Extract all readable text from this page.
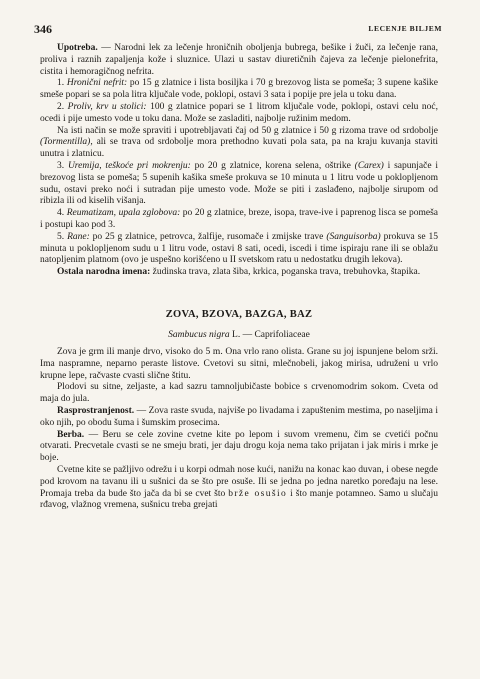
346	LECENJE BILJEM

Upotreba. — Narodni lek za lečenje hroničnih oboljenja bubrega, bešike i žuči, za lečenje rana, proliva i raznih zapaljenja kože i sluznice. Ulazi u sastav diuretičnih čajeva za lečenje pielonefrita, cistita i hemoragičnog nefrita.

1. Hronični nefrit: po 15 g zlatnice i lista bosiljka i 70 g brezovog lista se pomeša; 3 supene kašike smeše popari se sa pola litra ključale vode, poklopi, ostavi 3 sata i popije pre jela u toku dana.

2. Proliv, krv u stolici: 100 g zlatnice popari se 1 litrom ključale vode, poklopi, ostavi celu noć, ocedi i pije umesto vode u toku dana. Može se zasladiti, najbolje ružinim medom.

Na isti način se može spraviti i upotrebljavati čaj od 50 g zlatnice i 50 g rizoma trave od srdobolje (Tormentilla), ali se trava od srdobolje mora prethodno kuvati pola sata, pa na kraju kuvanja staviti unutra i zlatnicu.

3. Uremija, teškoće pri mokrenju: po 20 g zlatnice, korena selena, oštrike (Carex) i sapunjače i brezovog lista se pomeša; 5 supenih kašika smeše prokuva se 10 minuta u 1 litru vode u poklopljenom sudu, ostavi preko noći i sutradan pije umesto vode. Može se piti i zaslađeno, najbolje sirupom od ribizla ili od kiselih višanja.

4. Reumatizam, upala zglobova: po 20 g zlatnice, breze, isopa, trave-ive i paprenog lisca se pomeša i postupi kao pod 3.

5. Rane: po 25 g zlatnice, petrovca, žalfije, rusomače i zmijske trave (Sanguisorba) prokuva se 15 minuta u poklopljenom sudu u 1 litru vode, ostavi 8 sati, ocedi, iscedi i time ispiraju rane ili se oblažu natopljenim platnom (ovo je uspešno korišćeno u II svetskom ratu u nedostatku drugih lekova).

Ostala narodna imena: žudinska trava, zlata šiba, krkica, poganska trava, trebuhovka, štapika.

ZOVA, BZOVA, BAZGA, BAZ
Sambucus nigra L. — Caprifoliaceae

Zova je grm ili manje drvo, visoko do 5 m. Ona vrlo rano olista. Grane su joj ispunjene belom srži. Ima naspramne, neparno peraste listove. Cvetovi su sitni, mlečnobeli, jakog mirisa, udruženi u vrlo krupne lepe, račvaste cvasti sličnе štitu.

Plodovi su sitne, zeljaste, a kad sazru tamnoljubičaste bobice s crvenomodrim sokom. Cveta od maja do jula.

Rasprostranjenost. — Zova raste svuda, najviše po livadama i zapuštenim mestima, po naseljima i oko njih, po obodu šuma i šumskim prosecima.

Berba. — Beru se cele zovine cvetne kite po lepom i suvom vremenu, čim se cvetići počnu otvarati. Precvetale cvasti se ne smeju brati, jer daju drogu koja nema tako prijatan i jak miris i mrke je boje.

Cvetne kite se pažljivo odrežu i u korpi odmah nose kući, nanižu na konac kao duvan, i obese negde pod krovom na tavanu ili u sušnici da se što pre osuše. Ili se jedna po jedna naretko poređaju na lese. Promaja treba da bude što jača da bi se cvet što brže osušio i što manje potamneo. Samo u slučaju rđavog, vlažnog vremena, sušnicu treba grejati
